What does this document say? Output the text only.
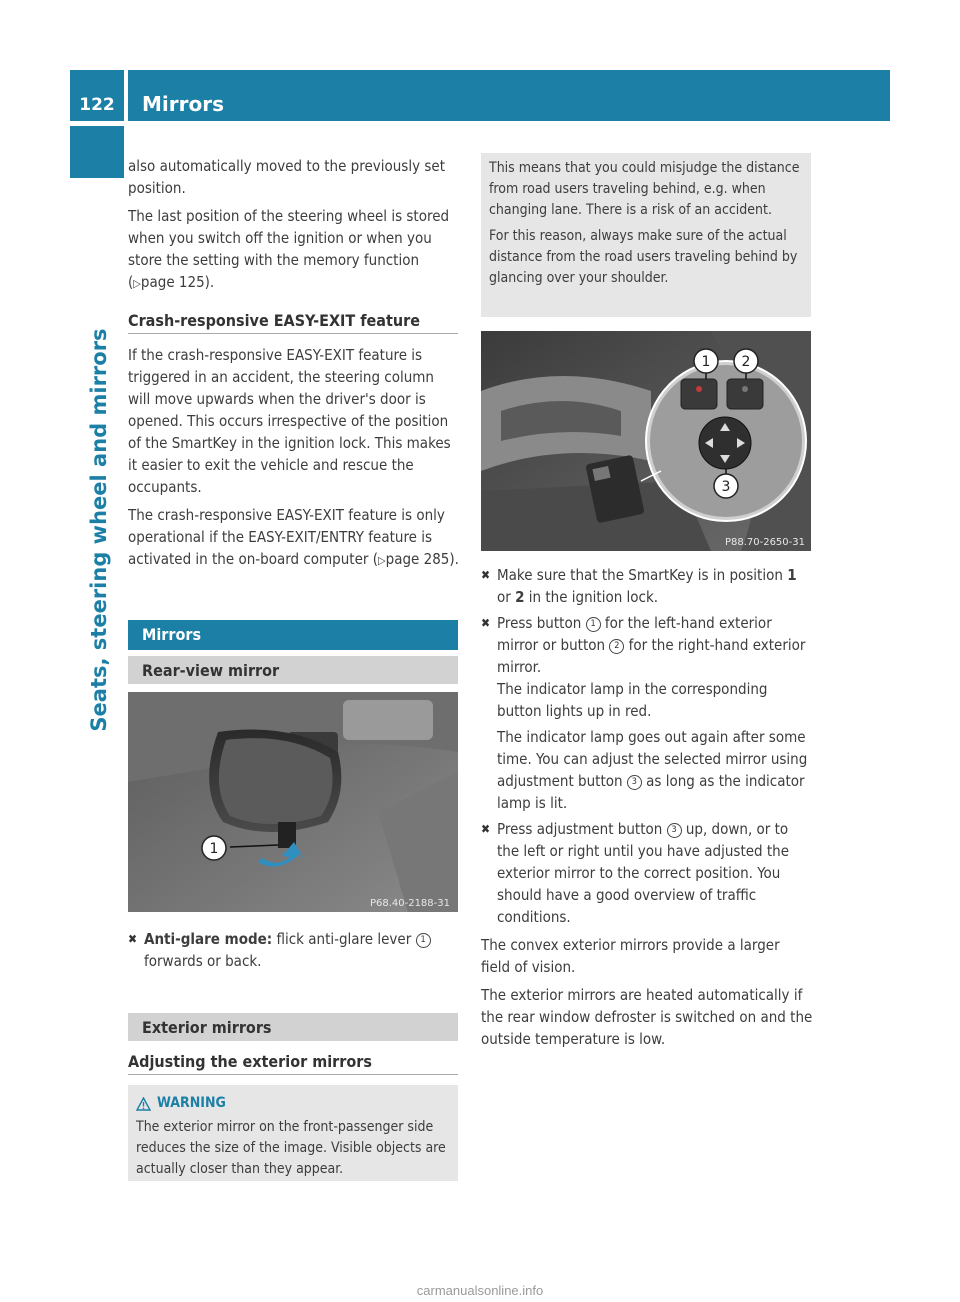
122	Mirrors
Seats, steering wheel and mirrors

also automatically moved to the previously set position.

The last position of the steering wheel is stored when you switch off the ignition or when you store the setting with the memory function (▷page 125).

Crash-responsive EASY-EXIT feature

If the crash-responsive EASY-EXIT feature is triggered in an accident, the steering column will move upwards when the driver's door is opened. This occurs irrespective of the position of the SmartKey in the ignition lock. This makes it easier to exit the vehicle and rescue the occupants.

The crash-responsive EASY-EXIT feature is only operational if the EASY-EXIT/ENTRY feature is activated in the on-board computer (▷page 285).

Mirrors
Rear-view mirror
1
P68.40-2188-31
✖ Anti-glare mode: flick anti-glare lever 1
forwards or back.
Exterior mirrors
Adjusting the exterior mirrors
WARNING

The exterior mirror on the front-passenger side reduces the size of the image. Visible objects are actually closer than they appear.

This means that you could misjudge the distance from road users traveling behind, e.g. when changing lane. There is a risk of an accident.

For this reason, always make sure of the actual distance from the road users traveling behind by glancing over your shoulder.

1 2
3
P88.70-2650-31
✖ Make sure that the SmartKey is in position 1 or 2 in the ignition lock.
✖ Press button 1 for the left-hand exterior mirror or button 2 for the right-hand exterior mirror.
The indicator lamp in the corresponding button lights up in red.
The indicator lamp goes out again after some time. You can adjust the selected mirror using adjustment button 3 as long as the indicator lamp is lit.
✖ Press adjustment button 3 up, down, or to the left or right until you have adjusted the exterior mirror to the correct position. You should have a good overview of traffic conditions.

The convex exterior mirrors provide a larger field of vision.

The exterior mirrors are heated automatically if the rear window defroster is switched on and the outside temperature is low.

carmanualsonline.info
